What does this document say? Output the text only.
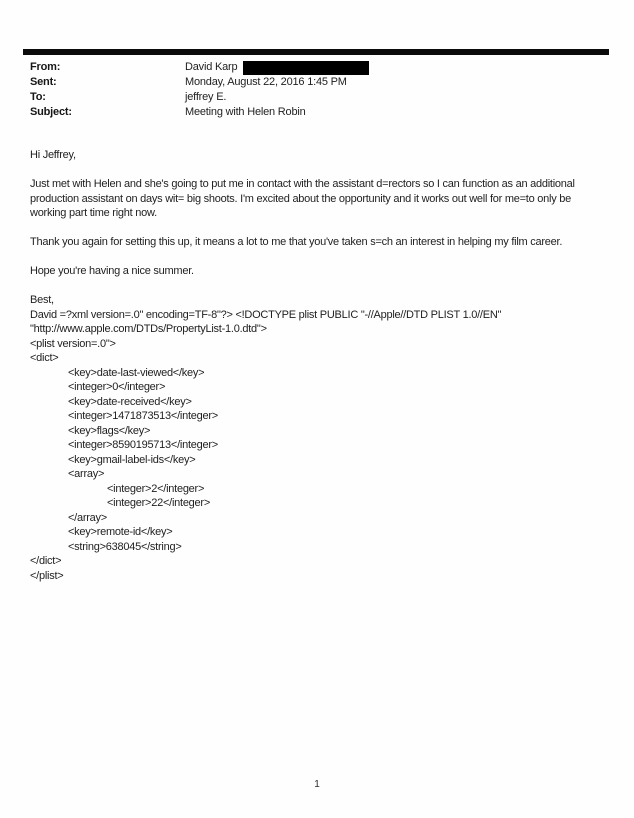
From:	David Karp
Sent:	Monday, August 22, 2016 1:45 PM
To:	jeffrey E.
Subject:	Meeting with Helen Robin
Hi Jeffrey,
Just met with Helen and she's going to put me in contact with the assistant d=rectors so I can function as an additional
production assistant on days wit= big shoots. I'm excited about the opportunity and it works out well for me=to only be
working part time right now.
Thank you again for setting this up, it means a lot to me that you've taken s=ch an interest in helping my film career.
Hope you're having a nice summer.
Best,
David =?xml version=.0" encoding=TF-8"?> <!DOCTYPE plist PUBLIC "-//Apple//DTD PLIST 1.0//EN"
"http://www.apple.com/DTDs/PropertyList-1.0.dtd">
<plist version=.0">
<dict>
<key>date-last-viewed</key>
<integer>0</integer>
<key>date-received</key>
<integer>1471873513</integer>
<key>flags</key>
<integer>8590195713</integer>
<key>gmail-label-ids</key>
<array>
<integer>2</integer>
<integer>22</integer>
</array>
<key>remote-id</key>
<string>638045</string>
</dict>
</plist>
1
